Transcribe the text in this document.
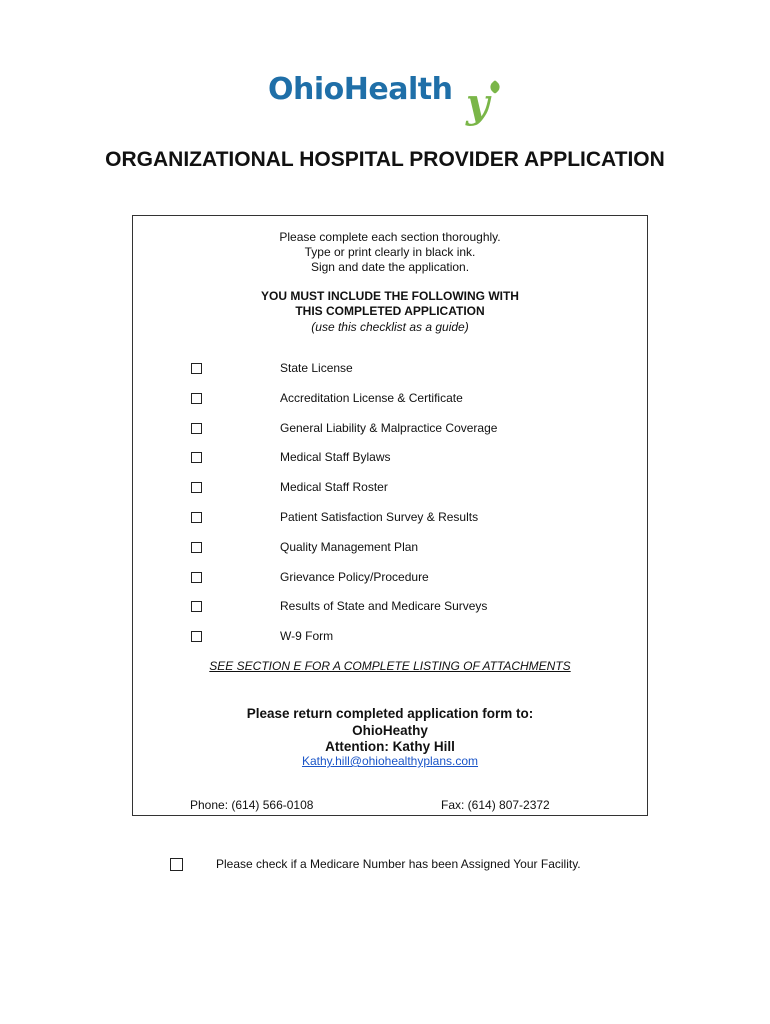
OhioHealth y
ORGANIZATIONAL HOSPITAL PROVIDER APPLICATION
Please complete each section thoroughly.
Type or print clearly in black ink.
Sign and date the application.
YOU MUST INCLUDE THE FOLLOWING WITH
THIS COMPLETED APPLICATION
(use this checklist as a guide)
State License
Accreditation License & Certificate
General Liability & Malpractice Coverage
Medical Staff Bylaws
Medical Staff Roster
Patient Satisfaction Survey & Results
Quality Management Plan
Grievance Policy/Procedure
Results of State and Medicare Surveys
W-9 Form
SEE SECTION E FOR A COMPLETE LISTING OF ATTACHMENTS
Please return completed application form to:
OhioHeathy
Attention: Kathy Hill
Kathy.hill@ohiohealthyplans.com
Phone: (614) 566-0108	Fax: (614) 807-2372
Please check if a Medicare Number has been Assigned Your Facility.
